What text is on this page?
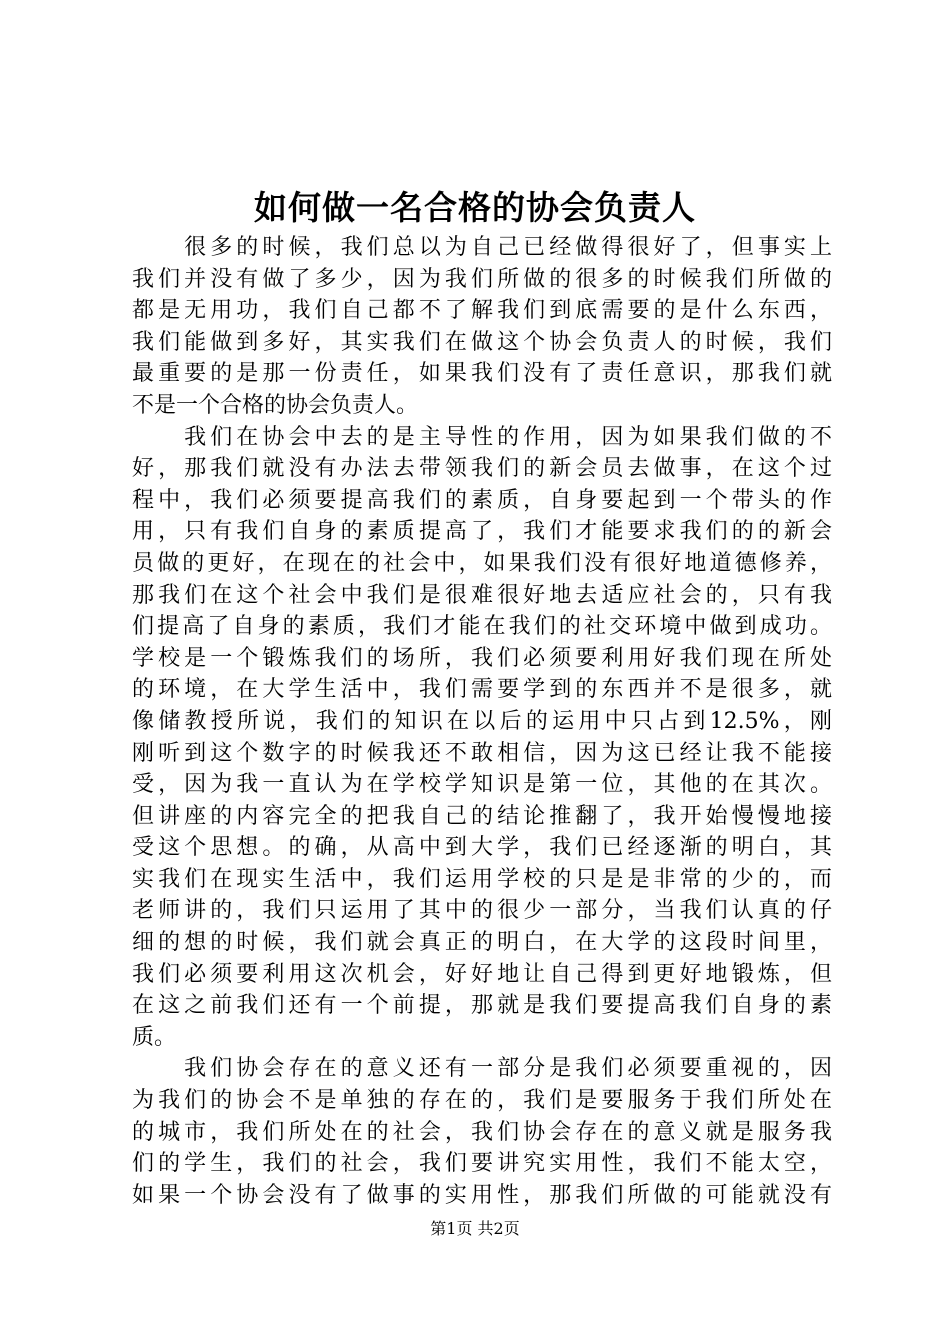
如何做一名合格的协会负责人
　　很多的时候，我们总以为自己已经做得很好了，但事实上
我们并没有做了多少，因为我们所做的很多的时候我们所做的
都是无用功，我们自己都不了解我们到底需要的是什么东西，
我们能做到多好，其实我们在做这个协会负责人的时候，我们
最重要的是那一份责任，如果我们没有了责任意识，那我们就
不是一个合格的协会负责人。
　　我们在协会中去的是主导性的作用，因为如果我们做的不
好，那我们就没有办法去带领我们的新会员去做事，在这个过
程中，我们必须要提高我们的素质，自身要起到一个带头的作
用，只有我们自身的素质提高了，我们才能要求我们的的新会
员做的更好，在现在的社会中，如果我们没有很好地道德修养，
那我们在这个社会中我们是很难很好地去适应社会的，只有我
们提高了自身的素质，我们才能在我们的社交环境中做到成功。
学校是一个锻炼我们的场所，我们必须要利用好我们现在所处
的环境，在大学生活中，我们需要学到的东西并不是很多，就
像储教授所说，我们的知识在以后的运用中只占到12.5%，刚
刚听到这个数字的时候我还不敢相信，因为这已经让我不能接
受，因为我一直认为在学校学知识是第一位，其他的在其次。
但讲座的内容完全的把我自己的结论推翻了，我开始慢慢地接
受这个思想。的确，从高中到大学，我们已经逐渐的明白，其
实我们在现实生活中，我们运用学校的只是是非常的少的，而
老师讲的，我们只运用了其中的很少一部分，当我们认真的仔
细的想的时候，我们就会真正的明白，在大学的这段时间里，
我们必须要利用这次机会，好好地让自己得到更好地锻炼，但
在这之前我们还有一个前提，那就是我们要提高我们自身的素
质。
　　我们协会存在的意义还有一部分是我们必须要重视的，因
为我们的协会不是单独的存在的，我们是要服务于我们所处在
的城市，我们所处在的社会，我们协会存在的意义就是服务我
们的学生，我们的社会，我们要讲究实用性，我们不能太空，
如果一个协会没有了做事的实用性，那我们所做的可能就没有
第1页 共2页
